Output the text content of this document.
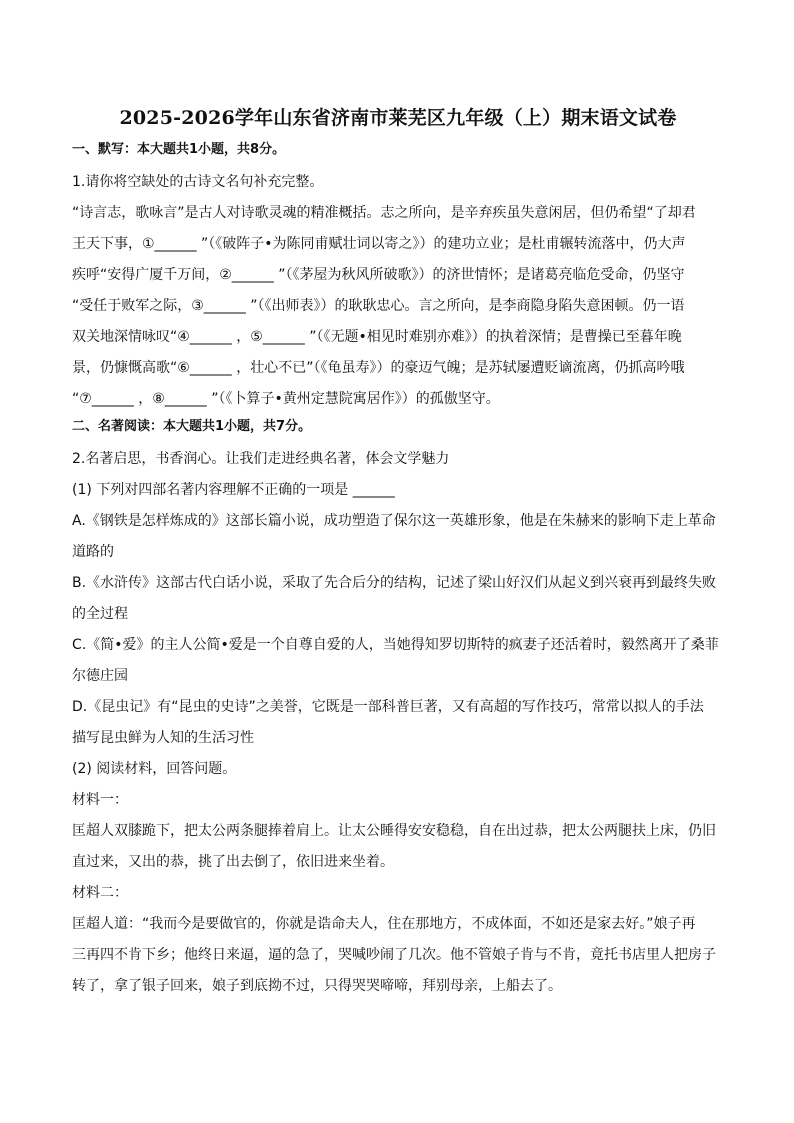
2025-2026学年山东省济南市莱芜区九年级（上）期末语文试卷
一、默写：本大题共1小题，共8分。

1.请你将空缺处的古诗文名句补充完整。

“诗言志，歌咏言”是古人对诗歌灵魂的精准概括。志之所向，是辛弃疾虽失意闲居，但仍希望“了却君

王天下事，①______ ”（《破阵子•为陈同甫赋壮词以寄之》）的建功立业；是杜甫辗转流落中，仍大声

疾呼“安得广厦千万间，②______ ”（《茅屋为秋风所破歌》）的济世情怀；是诸葛亮临危受命，仍坚守

“受任于败军之际，③______ ”（《出师表》）的耿耿忠心。言之所向，是李商隐身陷失意困顿。仍一语

双关地深情咏叹“④______ ，⑤______ ”（《无题•相见时难别亦难》）的执着深情；是曹操已至暮年晚

景，仍慷慨高歌“⑥______ ，壮心不已”（《龟虽寿》）的豪迈气魄；是苏轼屡遭贬谪流离，仍抓高吟哦

“⑦______ ，⑧______ ”（《卜算子•黄州定慧院寓居作》）的孤傲坚守。

二、名著阅读：本大题共1小题，共7分。

2.名著启思，书香润心。让我们走进经典名著，体会文学魅力

(1) 下列对四部名著内容理解不正确的一项是 ______

A.《钢铁是怎样炼成的》这部长篇小说，成功塑造了保尔这一英雄形象，他是在朱赫来的影响下走上革命

道路的

B.《水浒传》这部古代白话小说，采取了先合后分的结构，记述了梁山好汉们从起义到兴衰再到最终失败

的全过程

C.《简•爱》的主人公简•爱是一个自尊自爱的人，当她得知罗切斯特的疯妻子还活着时，毅然离开了桑菲

尔德庄园

D.《昆虫记》有“昆虫的史诗”之美誉，它既是一部科普巨著，又有高超的写作技巧，常常以拟人的手法

描写昆虫鲜为人知的生活习性

(2) 阅读材料，回答问题。

材料一：

匡超人双膝跪下，把太公两条腿捧着肩上。让太公睡得安安稳稳，自在出过恭，把太公两腿扶上床，仍旧

直过来，又出的恭，挑了出去倒了，依旧进来坐着。

材料二：

匡超人道：“我而今是要做官的，你就是诰命夫人，住在那地方，不成体面，不如还是家去好。”娘子再

三再四不肯下乡；他终日来逼，逼的急了，哭喊吵闹了几次。他不管娘子肯与不肯，竟托书店里人把房子

转了，拿了银子回来，娘子到底拗不过，只得哭哭啼啼，拜别母亲，上船去了。
